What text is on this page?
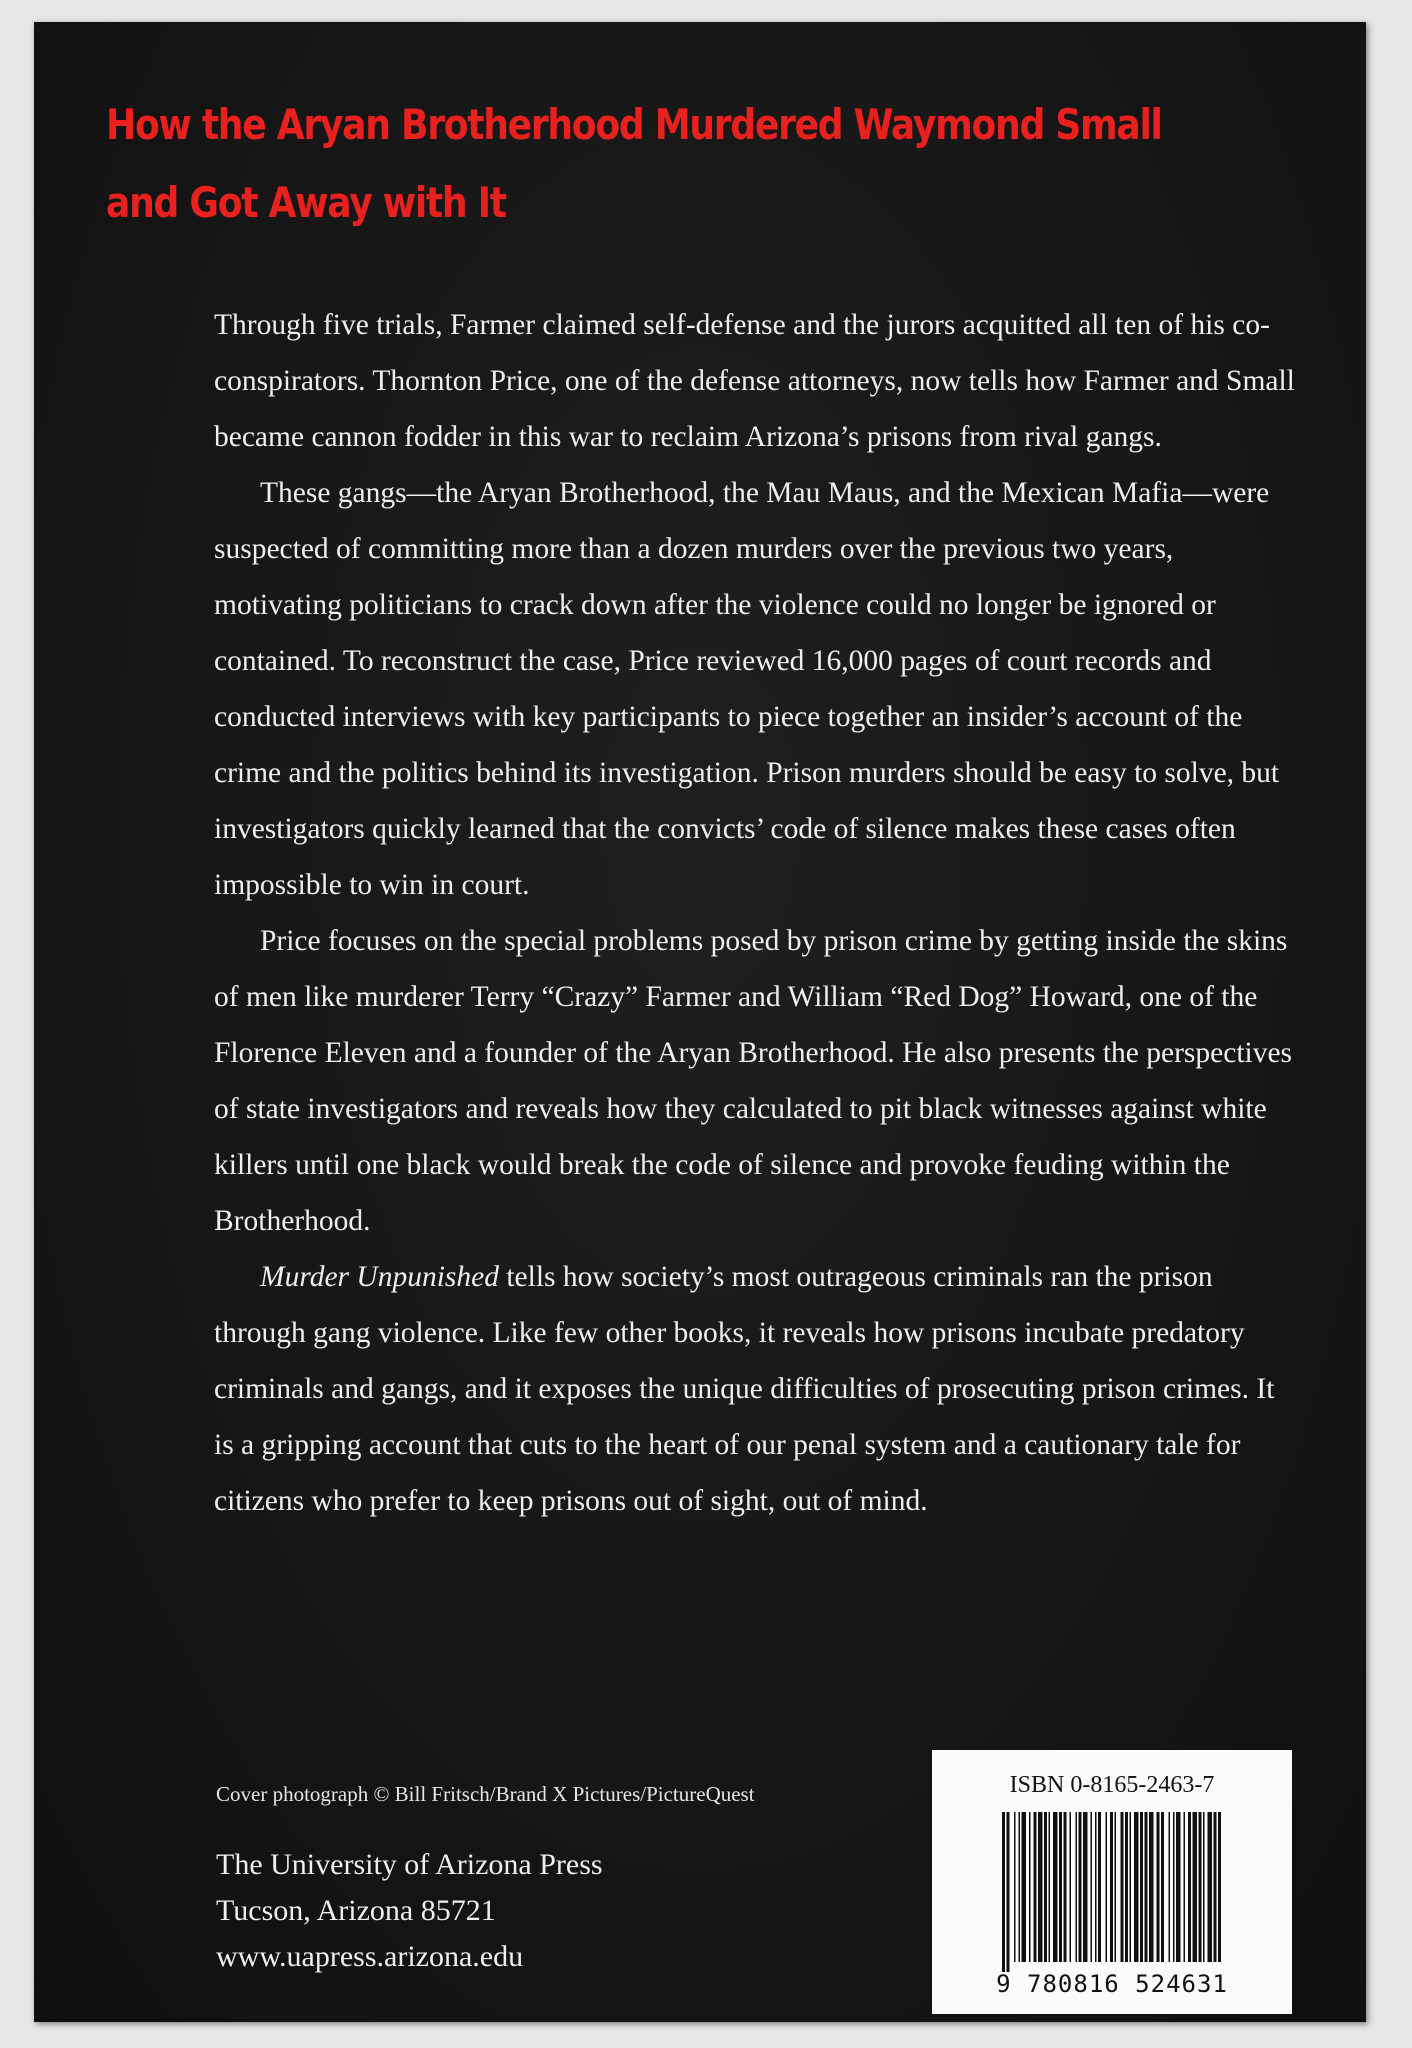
How the Aryan Brotherhood Murdered Waymond Small
and Got Away with It

Through five trials, Farmer claimed self-defense and the jurors acquitted all ten of his co-conspirators. Thornton Price, one of the defense attorneys, now tells how Farmer and Small became cannon fodder in this war to reclaim Arizona’s prisons from rival gangs.

These gangs—the Aryan Brotherhood, the Mau Maus, and the Mexican Mafia—were suspected of committing more than a dozen murders over the previous two years, motivating politicians to crack down after the violence could no longer be ignored or contained. To reconstruct the case, Price reviewed 16,000 pages of court records and conducted interviews with key participants to piece together an insider’s account of the crime and the politics behind its investigation. Prison murders should be easy to solve, but investigators quickly learned that the convicts’ code of silence makes these cases often impossible to win in court.

Price focuses on the special problems posed by prison crime by getting inside the skins of men like murderer Terry “Crazy” Farmer and William “Red Dog” Howard, one of the Florence Eleven and a founder of the Aryan Brotherhood. He also presents the perspectives of state investigators and reveals how they calculated to pit black witnesses against white killers until one black would break the code of silence and provoke feuding within the Brotherhood.

Murder Unpunished tells how society’s most outrageous criminals ran the prison through gang violence. Like few other books, it reveals how prisons incubate predatory criminals and gangs, and it exposes the unique difficulties of prosecuting prison crimes. It is a gripping account that cuts to the heart of our penal system and a cautionary tale for citizens who prefer to keep prisons out of sight, out of mind.

Cover photograph © Bill Fritsch/Brand X Pictures/PictureQuest
The University of Arizona Press
Tucson, Arizona 85721
www.uapress.arizona.edu
ISBN 0-8165-2463-7
9 780816 524631
